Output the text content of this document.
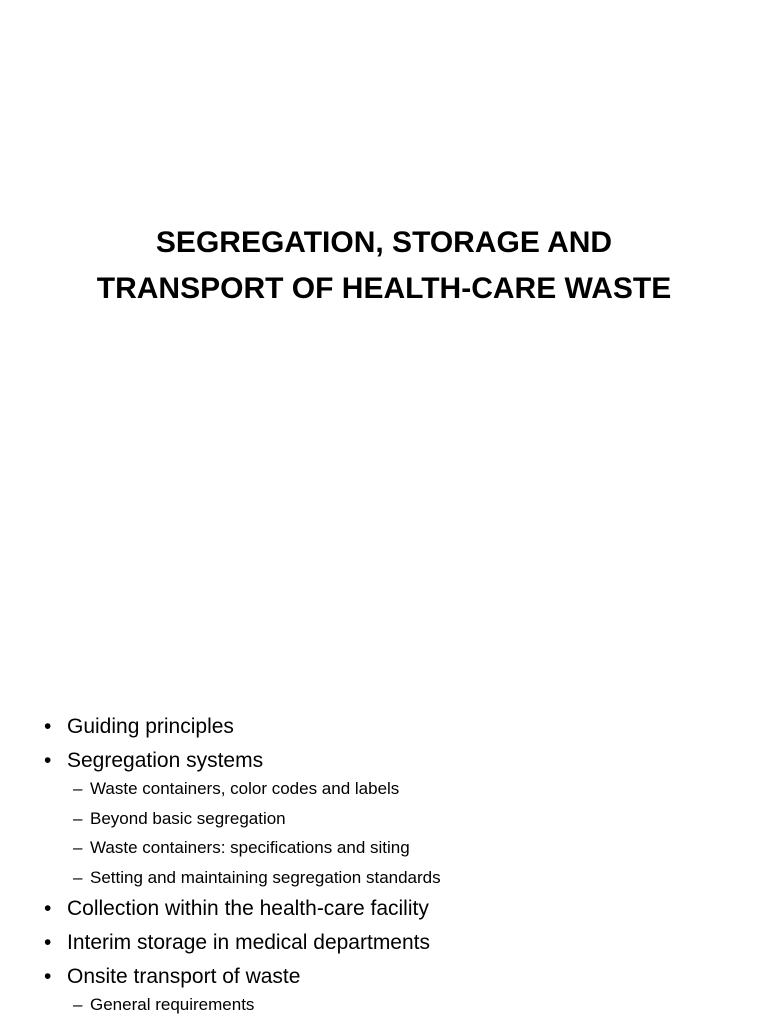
SEGREGATION, STORAGE AND
TRANSPORT OF HEALTH-CARE WASTE
• Guiding principles
• Segregation systems
– Waste containers, color codes and labels
– Beyond basic segregation
– Waste containers: specifications and siting
– Setting and maintaining segregation standards
• Collection within the health-care facility
• Interim storage in medical departments
• Onsite transport of waste
– General requirements
